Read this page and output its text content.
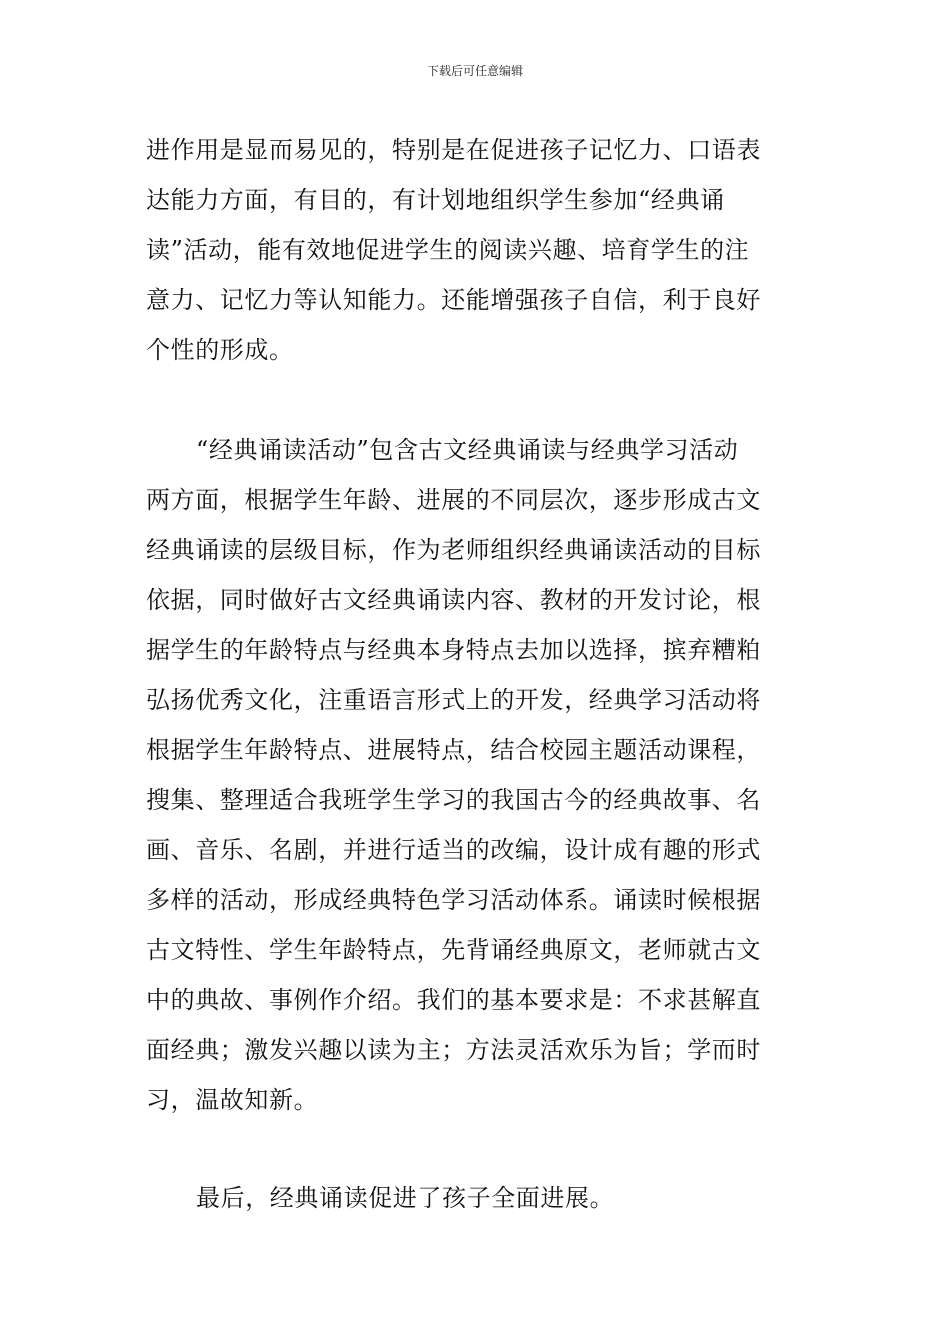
下载后可任意编辑
进作用是显而易见的，特别是在促进孩子记忆力、口语表
达能力方面，有目的，有计划地组织学生参加“经典诵
读”活动，能有效地促进学生的阅读兴趣、培育学生的注
意力、记忆力等认知能力。还能增强孩子自信，利于良好
个性的形成。
“经典诵读活动”包含古文经典诵读与经典学习活动
两方面，根据学生年龄、进展的不同层次，逐步形成古文
经典诵读的层级目标，作为老师组织经典诵读活动的目标
依据，同时做好古文经典诵读内容、教材的开发讨论，根
据学生的年龄特点与经典本身特点去加以选择，摈弃糟粕
弘扬优秀文化，注重语言形式上的开发，经典学习活动将
根据学生年龄特点、进展特点，结合校园主题活动课程，
搜集、整理适合我班学生学习的我国古今的经典故事、名
画、音乐、名剧，并进行适当的改编，设计成有趣的形式
多样的活动，形成经典特色学习活动体系。诵读时候根据
古文特性、学生年龄特点，先背诵经典原文，老师就古文
中的典故、事例作介绍。我们的基本要求是：不求甚解直
面经典；激发兴趣以读为主；方法灵活欢乐为旨；学而时
习，温故知新。
最后，经典诵读促进了孩子全面进展。
